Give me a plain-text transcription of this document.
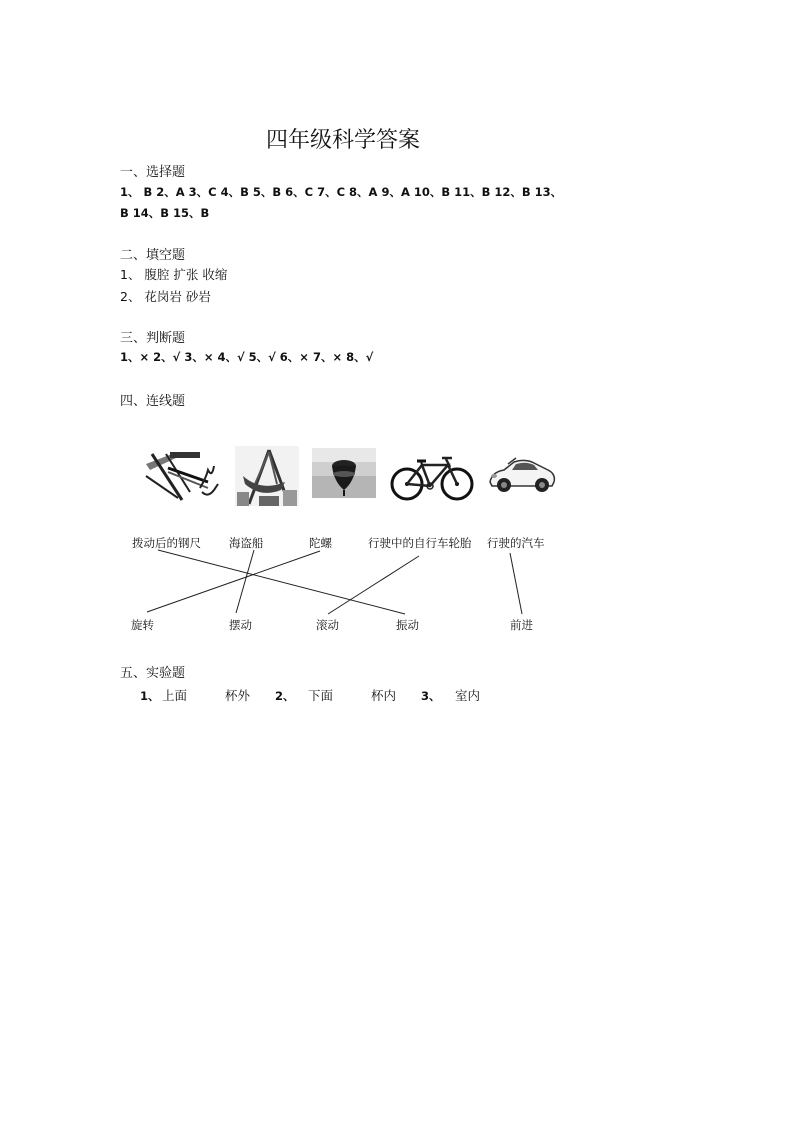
四年级科学答案
一、选择题
1、 B 2、A 3、C 4、B 5、B 6、C 7、C 8、A 9、A 10、B 11、B 12、B 13、
B 14、B 15、B
二、填空题
1、 腹腔 扩张 收缩
2、 花岗岩 砂岩
三、判断题
1、× 2、√ 3、× 4、√ 5、√ 6、× 7、× 8、√
四、连线题
拨动后的钢尺 海盗船	陀螺	行驶中的自行车轮胎 行驶的汽车
旋转	摆动	滚动	振动	前进
五、实验题
1、 上面	杯外 2、 下面	杯内 3、 室内
